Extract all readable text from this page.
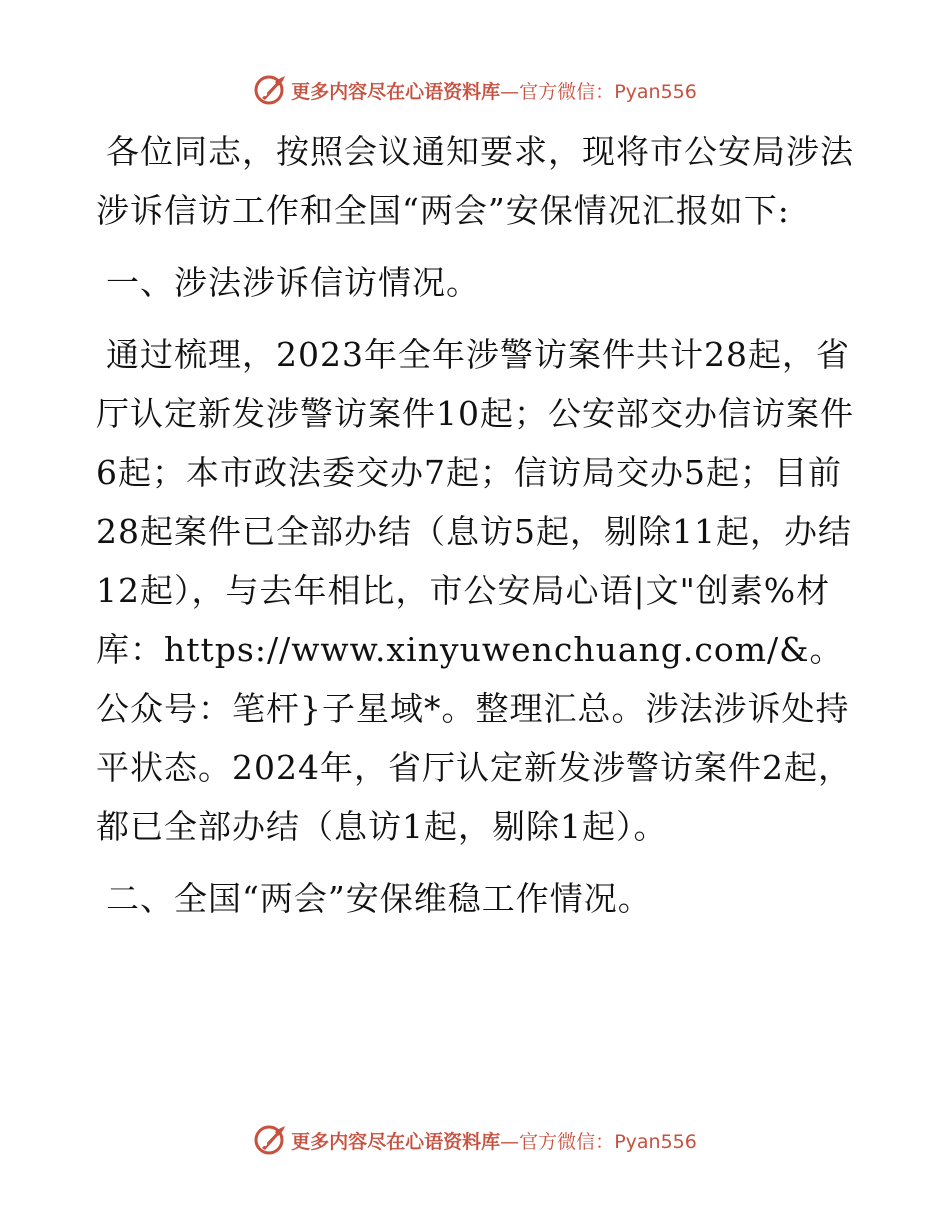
更多内容尽在心语资料库—官方微信：Pyan556

各位同志，按照会议通知要求，现将市公安局涉法涉诉信访工作和全国“两会”安保情况汇报如下:

一、涉法涉诉信访情况。

通过梳理，2023年全年涉警访案件共计28起，省厅认定新发涉警访案件10起；公安部交办信访案件6起；本市政法委交办7起；信访局交办5起；目前28起案件已全部办结（息访5起，剔除11起，办结12起），与去年相比，市公安局心语|文"创素%材库：https://www.xinyuwenchuang.com/&。公众号：笔杆}子星域*。整理汇总。涉法涉诉处持平状态。2024年，省厅认定新发涉警访案件2起，都已全部办结（息访1起，剔除1起）。

二、全国“两会”安保维稳工作情况。

更多内容尽在心语资料库—官方微信：Pyan556
